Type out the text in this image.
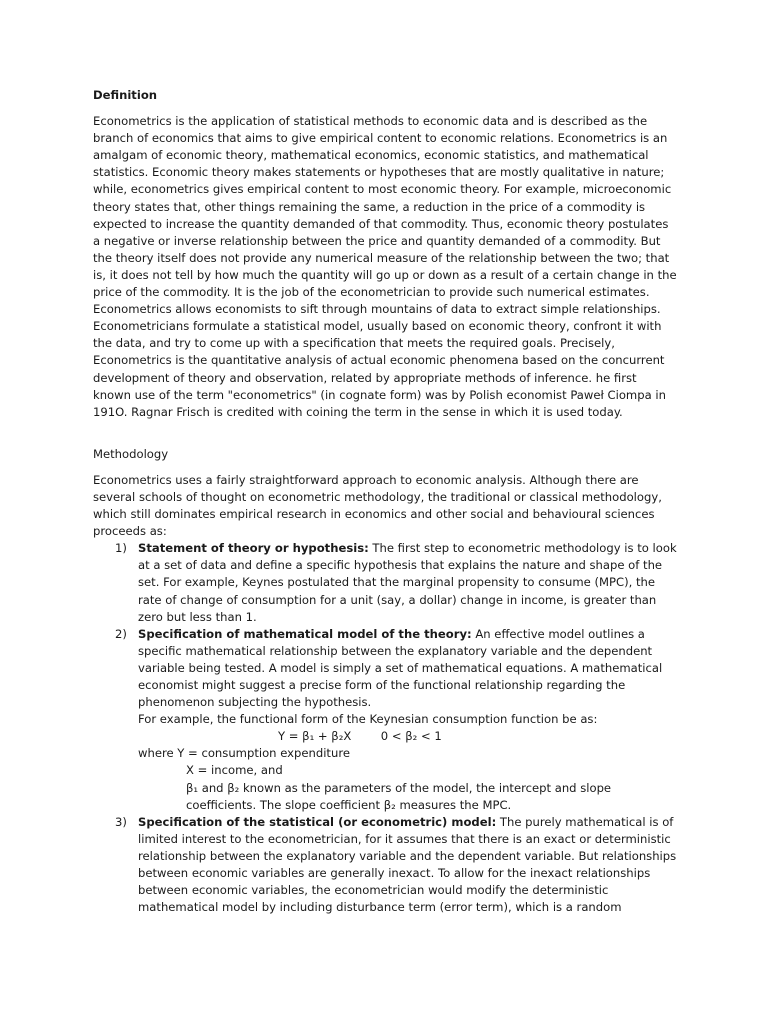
Definition

Econometrics is the application of statistical methods to economic data and is described as the branch of economics that aims to give empirical content to economic relations. Econometrics is an amalgam of economic theory, mathematical economics, economic statistics, and mathematical statistics. Economic theory makes statements or hypotheses that are mostly qualitative in nature; while, econometrics gives empirical content to most economic theory. For example, microeconomic theory states that, other things remaining the same, a reduction in the price of a commodity is expected to increase the quantity demanded of that commodity. Thus, economic theory postulates a negative or inverse relationship between the price and quantity demanded of a commodity. But the theory itself does not provide any numerical measure of the relationship between the two; that is, it does not tell by how much the quantity will go up or down as a result of a certain change in the price of the commodity. It is the job of the econometrician to provide such numerical estimates. Econometrics allows economists to sift through mountains of data to extract simple relationships. Econometricians formulate a statistical model, usually based on economic theory, confront it with the data, and try to come up with a specification that meets the required goals. Precisely, Econometrics is the quantitative analysis of actual economic phenomena based on the concurrent development of theory and observation, related by appropriate methods of inference. he first known use of the term "econometrics" (in cognate form) was by Polish economist Paweł Ciompa in 191O. Ragnar Frisch is credited with coining the term in the sense in which it is used today.

Methodology

Econometrics uses a fairly straightforward approach to economic analysis. Although there are several schools of thought on econometric methodology, the traditional or classical methodology, which still dominates empirical research in economics and other social and behavioural sciences proceeds as:

1) Statement of theory or hypothesis: The first step to econometric methodology is to look at a set of data and define a specific hypothesis that explains the nature and shape of the set. For example, Keynes postulated that the marginal propensity to consume (MPC), the rate of change of consumption for a unit (say, a dollar) change in income, is greater than zero but less than 1.
2) Specification of mathematical model of the theory: An effective model outlines a specific mathematical relationship between the explanatory variable and the dependent variable being tested. A model is simply a set of mathematical equations. A mathematical economist might suggest a precise form of the functional relationship regarding the phenomenon subjecting the hypothesis.
For example, the functional form of the Keynesian consumption function be as:
Y = β₁ + β₂X        0 < β₂ < 1
where Y = consumption expenditure
X = income, and
β₁ and β₂ known as the parameters of the model, the intercept and slope coefficients. The slope coefficient β₂ measures the MPC.
3) Specification of the statistical (or econometric) model: The purely mathematical is of limited interest to the econometrician, for it assumes that there is an exact or deterministic relationship between the explanatory variable and the dependent variable. But relationships between economic variables are generally inexact. To allow for the inexact relationships between economic variables, the econometrician would modify the deterministic mathematical model by including disturbance term (error term), which is a random
